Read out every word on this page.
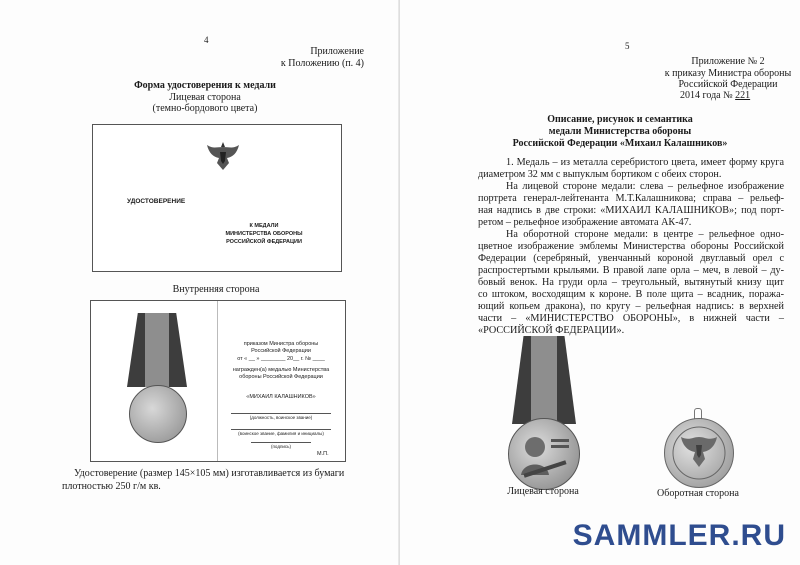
4
Приложение
к Положению (п. 4)
Форма удостоверения к медали
Лицевая сторона
(темно-бордового цвета)
УДОСТОВЕРЕНИЕ
К МЕДАЛИ
МИНИСТЕРСТВА ОБОРОНЫ
РОССИЙСКОЙ ФЕДЕРАЦИИ
Внутренняя сторона
приказом Министра обороны
Российской Федерации
от « __ » ________ 20__ г. № ____
награжден(а) медалью Министерства
обороны Российской Федерации
«МИХАИЛ КАЛАШНИКОВ»
(должность, воинское звание)
(воинское звание, фамилия и инициалы)
(подпись)
М.П.
Удостоверение (размер 145×105 мм) изготавливается из бумаги
плотностью 250 г/м кв.
5
Приложение № 2
к приказу Министра обороны
Российской Федерации
2014 года № 221
Описание, рисунок и семантика
медали Министерства обороны
Российской Федерации «Михаил Калашников»
1. Медаль – из металла серебристого цвета, имеет форму круга
диаметром 32 мм с выпуклым бортиком с обеих сторон.
На лицевой стороне медали: слева – рельефное изображение
портрета генерал-лейтенанта М.Т.Калашникова; справа – рельеф-
ная надпись в две строки: «МИХАИЛ КАЛАШНИКОВ»; под порт-
ретом – рельефное изображение автомата АК-47.
На оборотной стороне медали: в центре – рельефное одно-
цветное изображение эмблемы Министерства обороны Российской
Федерации (серебряный, увенчанный короной двуглавый орел с
распростертыми крыльями. В правой лапе орла – меч, в левой – ду-
бовый венок. На груди орла – треугольный, вытянутый книзу щит
со штоком, восходящим к короне. В поле щита – всадник, поража-
ющий копьем дракона), по кругу – рельефная надпись: в верхней
части – «МИНИСТЕРСТВО ОБОРОНЫ», в нижней части –
«РОССИЙСКОЙ ФЕДЕРАЦИИ».
Лицевая сторона	Оборотная сторона
SAMMLER.RU
